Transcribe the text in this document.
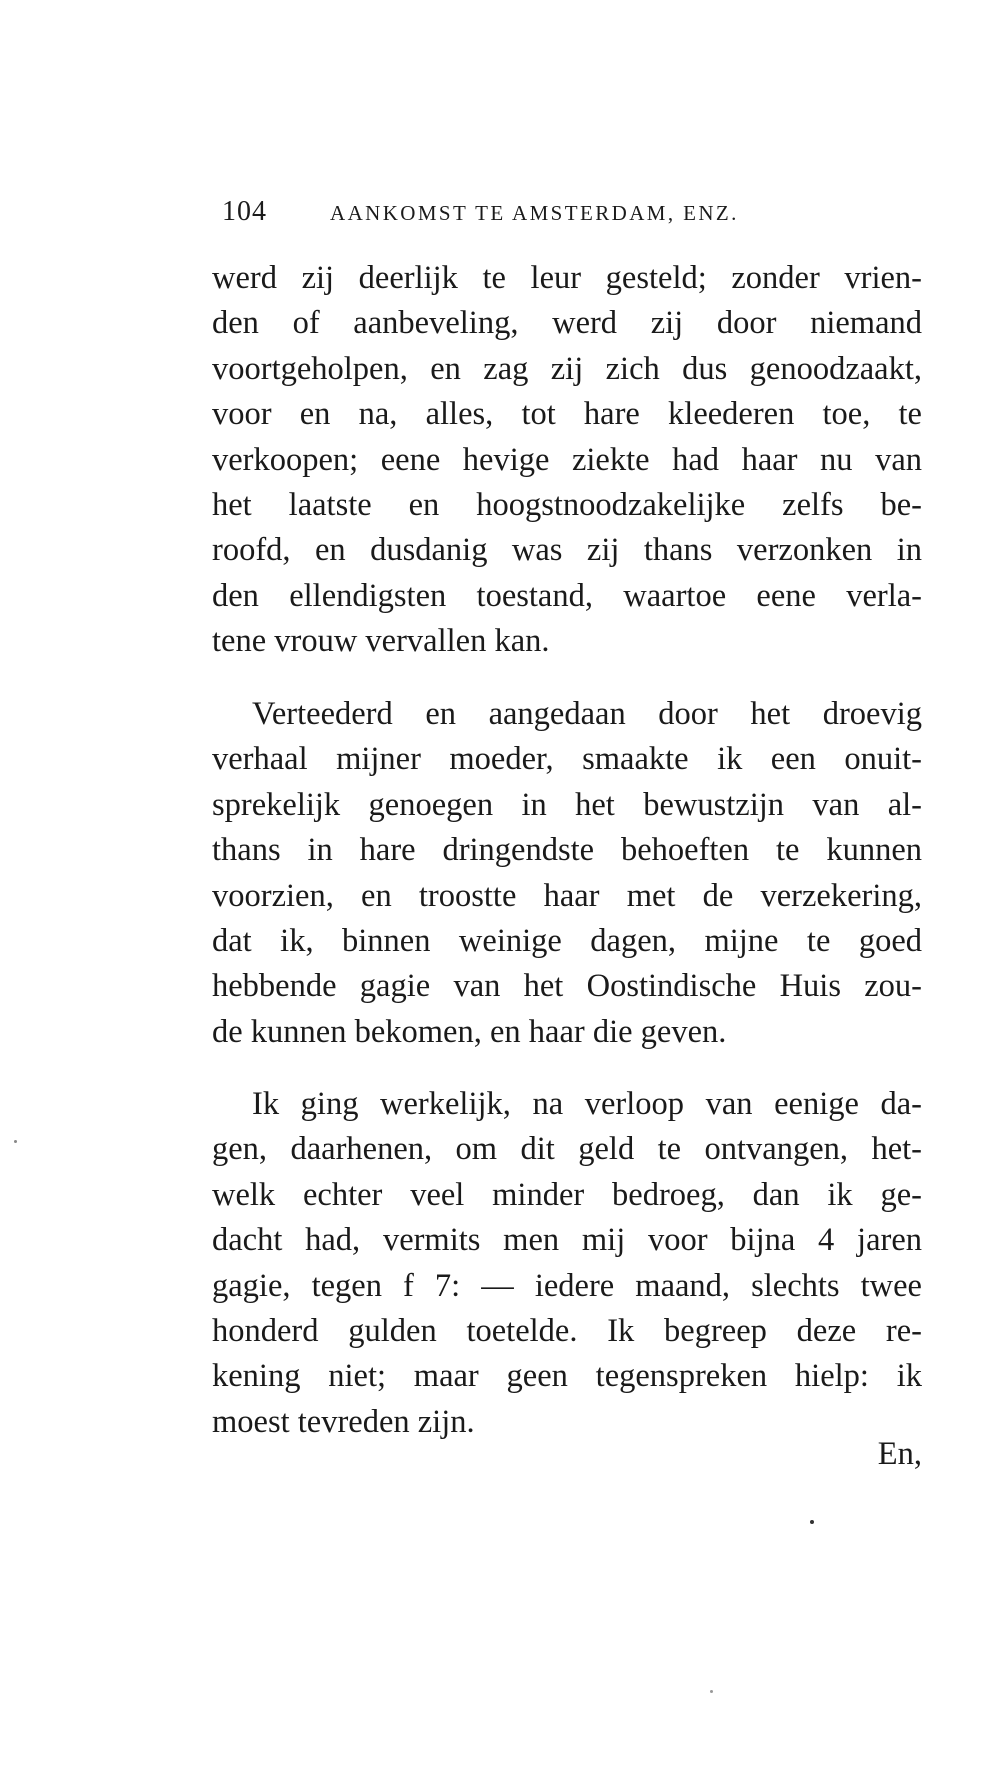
104	AANKOMST TE AMSTERDAM, ENZ.
werd zij deerlijk te leur gesteld; zonder vrien-
den of aanbeveling, werd zij door niemand
voortgeholpen, en zag zij zich dus genoodzaakt,
voor en na, alles, tot hare kleederen toe, te
verkoopen; eene hevige ziekte had haar nu van
het laatste en hoogstnoodzakelijke zelfs be-
roofd, en dusdanig was zij thans verzonken in
den ellendigsten toestand, waartoe eene verla-
tene vrouw vervallen kan.
Verteederd en aangedaan door het droevig
verhaal mijner moeder, smaakte ik een onuit-
sprekelijk genoegen in het bewustzijn van al-
thans in hare dringendste behoeften te kunnen
voorzien, en troostte haar met de verzekering,
dat ik, binnen weinige dagen, mijne te goed
hebbende gagie van het Oostindische Huis zou-
de kunnen bekomen, en haar die geven.
Ik ging werkelijk, na verloop van eenige da-
gen, daarhenen, om dit geld te ontvangen, het-
welk echter veel minder bedroeg, dan ik ge-
dacht had, vermits men mij voor bijna 4 jaren
gagie, tegen f 7: — iedere maand, slechts twee
honderd gulden toetelde. Ik begreep deze re-
kening niet; maar geen tegenspreken hielp: ik
moest tevreden zijn.
En,
